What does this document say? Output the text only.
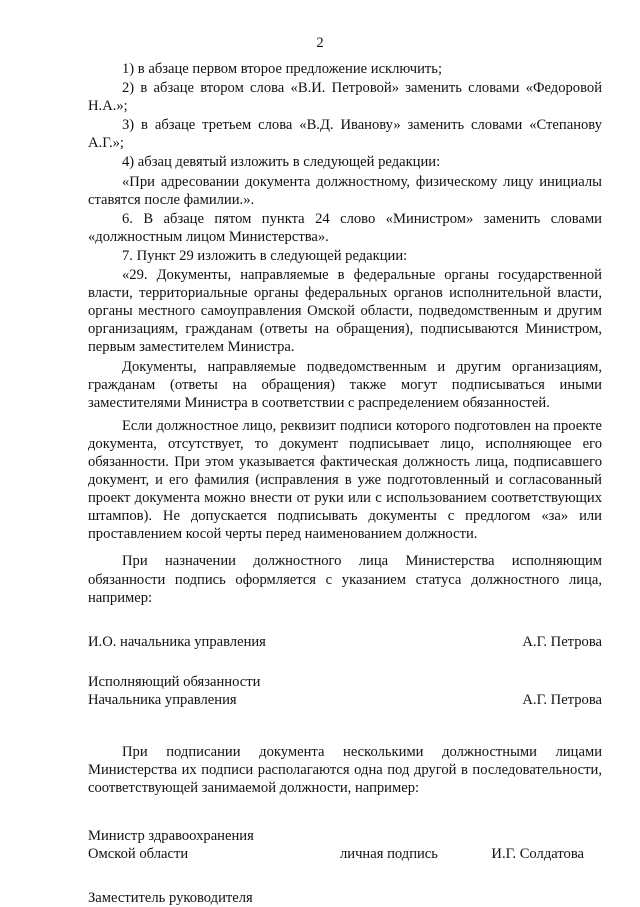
2

1) в абзаце первом второе предложение исключить;

2) в абзаце втором слова «В.И. Петровой» заменить словами «Федоровой Н.А.»;

3) в абзаце третьем слова «В.Д. Иванову» заменить словами «Степанову А.Г.»;

4) абзац девятый изложить в следующей редакции:

«При адресовании документа должностному, физическому лицу инициалы ставятся после фамилии.».

6. В абзаце пятом пункта 24 слово «Министром» заменить словами «должностным лицом Министерства».

7. Пункт 29 изложить в следующей редакции:

«29. Документы, направляемые в федеральные органы государственной власти, территориальные органы федеральных органов исполнительной власти, органы местного самоуправления Омской области, подведомственным и другим организациям, гражданам (ответы на обращения), подписываются Министром, первым заместителем Министра.

Документы, направляемые подведомственным и другим организациям, гражданам (ответы на обращения) также могут подписываться иными заместителями Министра в соответствии с распределением обязанностей.

Если должностное лицо, реквизит подписи которого подготовлен на проекте документа, отсутствует, то документ подписывает лицо, исполняющее его обязанности. При этом указывается фактическая должность лица, подписавшего документ, и его фамилия (исправления в уже подготовленный и согласованный проект документа можно внести от руки или с использованием соответствующих штампов). Не допускается подписывать документы с предлогом «за» или проставлением косой черты перед наименованием должности.

При назначении должностного лица Министерства исполняющим обязанности подпись оформляется с указанием статуса должностного лица, например:

И.О. начальника управления	А.Г. Петрова
Исполняющий обязанности
Начальника управления	А.Г. Петрова

При подписании документа несколькими должностными лицами Министерства их подписи располагаются одна под другой в последовательности, соответствующей занимаемой должности, например:

Министр здравоохранения
Омской области	личная подпись	И.Г. Солдатова
Заместитель руководителя
